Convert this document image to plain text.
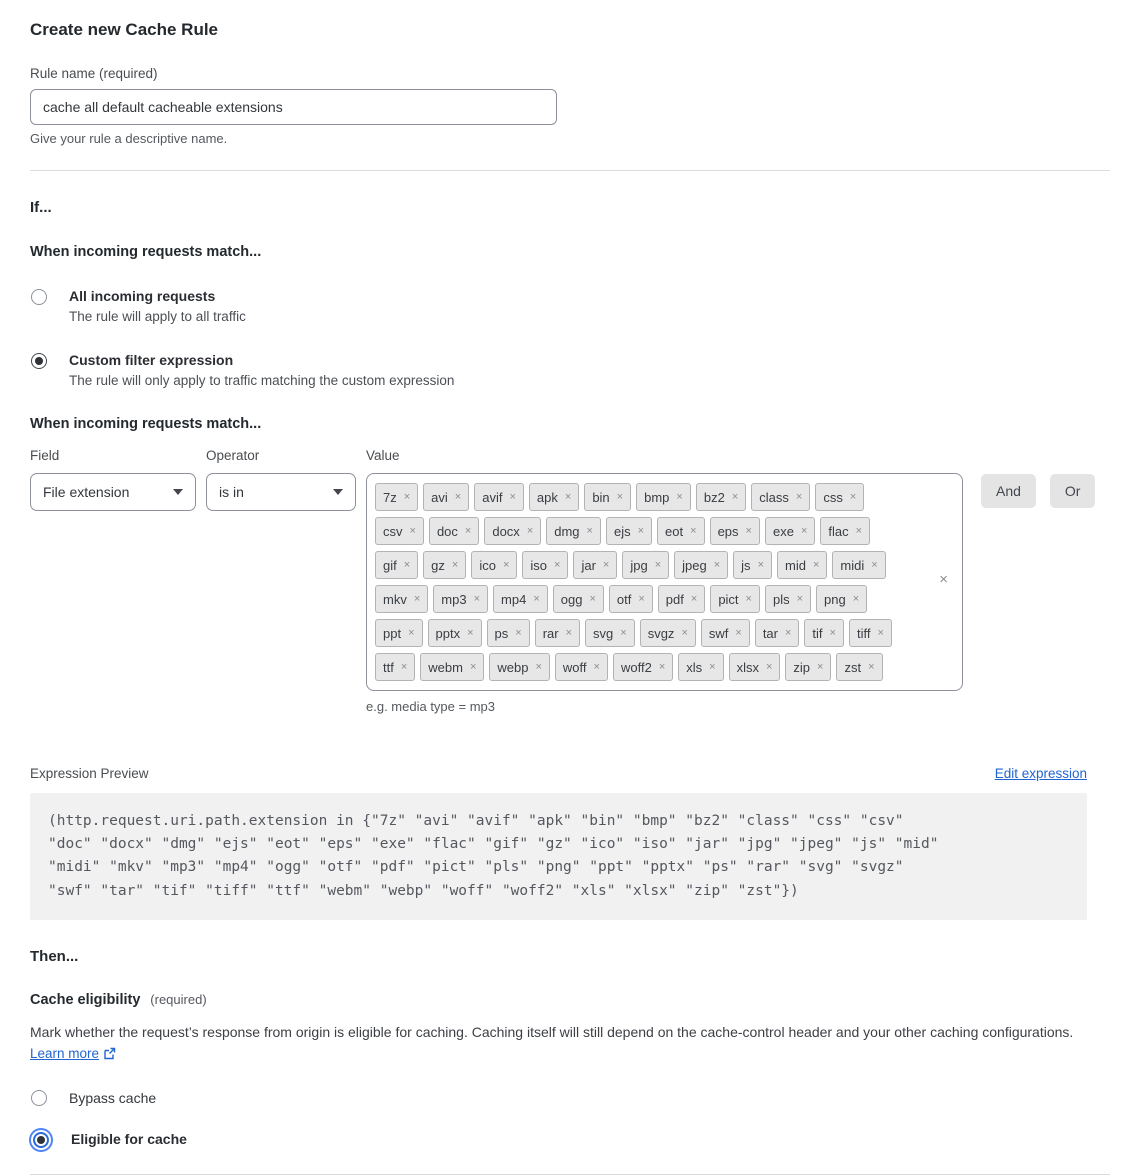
Create new Cache Rule
Rule name (required)
cache all default cacheable extensions
Give your rule a descriptive name.
If...
When incoming requests match...
All incoming requests
The rule will apply to all traffic
Custom filter expression
The rule will only apply to traffic matching the custom expression
When incoming requests match...
Field
File extension
Operator
is in
Value
7z × avi × avif × apk × bin × bmp × bz2 × class × css ×
csv × doc × docx × dmg × ejs × eot × eps × exe × flac ×
gif × gz × ico × iso × jar × jpg × jpeg × js × mid × midi ×
mkv × mp3 × mp4 × ogg × otf × pdf × pict × pls × png ×
ppt × pptx × ps × rar × svg × svgz × swf × tar × tif × tiff ×
ttf × webm × webp × woff × woff2 × xls × xlsx × zip × zst ×
×
e.g. media type = mp3
And	Or
Expression Preview	Edit expression
(http.request.uri.path.extension in {"7z" "avi" "avif" "apk" "bin" "bmp" "bz2" "class" "css" "csv"
"doc" "docx" "dmg" "ejs" "eot" "eps" "exe" "flac" "gif" "gz" "ico" "iso" "jar" "jpg" "jpeg" "js" "mid"
"midi" "mkv" "mp3" "mp4" "ogg" "otf" "pdf" "pict" "pls" "png" "ppt" "pptx" "ps" "rar" "svg" "svgz"
"swf" "tar" "tif" "tiff" "ttf" "webm" "webp" "woff" "woff2" "xls" "xlsx" "zip" "zst"})
Then...
Cache eligibility (required)
Mark whether the request’s response from origin is eligible for caching. Caching itself will still depend on the cache-control header and your other caching configurations. Learn more
Bypass cache
Eligible for cache
